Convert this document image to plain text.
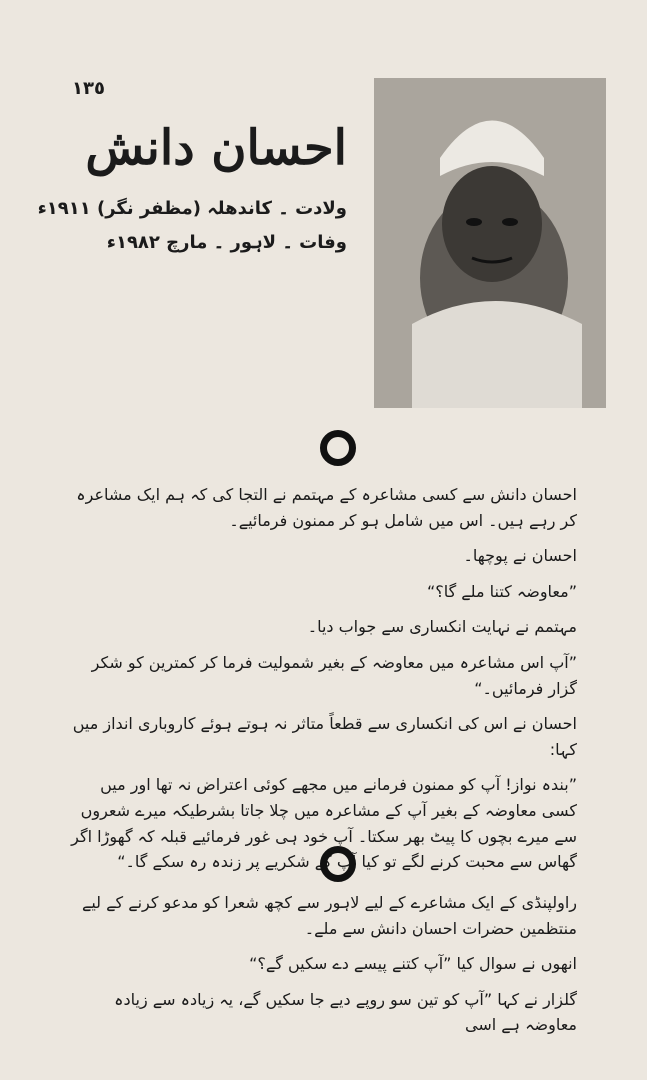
١٣٥
احسان دانش
ولادت ۔ کاندھلہ (مظفر نگر) ۱۹۱۱ء
وفات ۔ لاہور ۔ مارچ ۱۹۸۲ء

احسان دانش سے کسی مشاعرہ کے مہتمم نے التجا کی کہ ہم ایک مشاعرہ کر رہے ہیں۔ اس میں شامل ہو کر ممنون فرمائیے۔

احسان نے پوچھا۔

”معاوضہ کتنا ملے گا؟“

مہتمم نے نہایت انکساری سے جواب دیا۔

”آپ اس مشاعرہ میں معاوضہ کے بغیر شمولیت فرما کر کمترین کو شکر گزار فرمائیں۔“

احسان نے اس کی انکساری سے قطعاً متاثر نہ ہوتے ہوئے کاروباری انداز میں کہا:

”بندہ نواز! آپ کو ممنون فرمانے میں مجھے کوئی اعتراض نہ تھا اور میں کسی معاوضہ کے بغیر آپ کے مشاعرہ میں چلا جاتا بشرطیکہ میرے شعروں سے میرے بچوں کا پیٹ بھر سکتا۔ آپ خود ہی غور فرمائیے قبلہ کہ گھوڑا اگر گھاس سے محبت کرنے لگے تو کیا آپ کے شکریے پر زندہ رہ سکے گا۔“

راولپنڈی کے ایک مشاعرے کے لیے لاہور سے کچھ شعرا کو مدعو کرنے کے لیے منتظمین حضرات احسان دانش سے ملے۔

انھوں نے سوال کیا ”آپ کتنے پیسے دے سکیں گے؟“

گلزار نے کہا ”آپ کو تین سو روپے دیے جا سکیں گے، یہ زیادہ سے زیادہ معاوضہ ہے اسی
